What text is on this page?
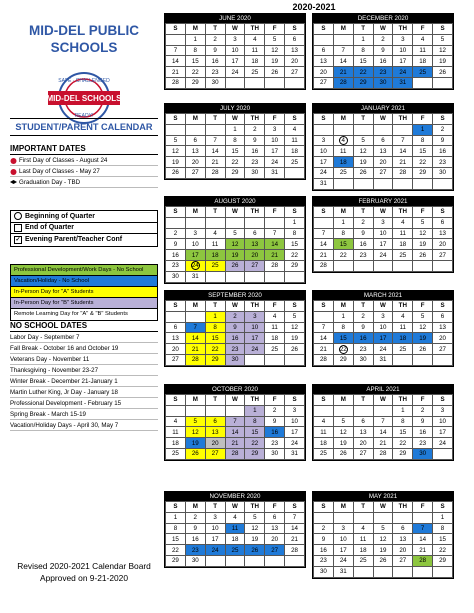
2020-2021
MID-DEL PUBLIC SCHOOLS
SAFE · CHALLENGED
MID-DEL SCHOOLS
READY!
STUDENT/PARENT CALENDAR
IMPORTANT DATES
First Day of Classes - August 24
Last Day of Classes - May 27
Graduation Day - TBD
Beginning of Quarter
End of Quarter
✓ Evening Parent/Teacher Conf
Professional Development/Work Days - No School
Vacation/Holiday - No School
In-Person Day for "A" Students
In-Person Day for "B" Students
Remote Learning Day for "A" & "B" Students
NO SCHOOL DATES
Labor Day - September 7
Fall Break - October 16 and October 19
Veterans Day - November 11
Thanksgiving - November 23-27
Winter Break - December 21-January 1
Martin Luther King, Jr Day - January 18
Professional Development - February 15
Spring Break - March 15-19
Vacation/Holiday Days - April 30, May 7
Revised 2020-2021 Calendar Board Approved on 9-21-2020
JUNE 2020
S	M	T	W	TH	F	S
	1	2	3	4	5	6
7	8	9	10	11	12	13
14	15	16	17	18	19	20
21	22	23	24	25	26	27
28	29	30				
DECEMBER 2020
S	M	T	W	TH	F	S
		1	2	3	4	5
6	7	8	9	10	11	12
13	14	15	16	17	18	19
20	21	22	23	24	25	26
27	28	29	30	31		
JULY 2020
S	M	T	W	TH	F	S
			1	2	3	4
5	6	7	8	9	10	11
12	13	14	15	16	17	18
19	20	21	22	23	24	25
26	27	28	29	30	31	
JANUARY 2021
S	M	T	W	TH	F	S
					1	2
3	4	5	6	7	8	9
10	11	12	13	14	15	16
17	18	19	20	21	22	23
24	25	26	27	28	29	30
31						
AUGUST 2020
S	M	T	W	TH	F	S
						1
2	3	4	5	6	7	8
9	10	11	12	13	14	15
16	17	18	19	20	21	22
23	24	25	26	27	28	29
30	31					
FEBRUARY 2021
S	M	T	W	TH	F	S
	1	2	3	4	5	6
7	8	9	10	11	12	13
14	15	16	17	18	19	20
21	22	23	24	25	26	27
28						
SEPTEMBER 2020
S	M	T	W	TH	F	S
		1	2	3	4	5
6	7	8	9	10	11	12
13	14	15	16	17	18	19
20	21	22	23	24	25	26
27	28	29	30			
MARCH 2021
S	M	T	W	TH	F	S
	1	2	3	4	5	6
7	8	9	10	11	12	13
14	15	16	17	18	19	20
21	22	23	24	25	26	27
28	29	30	31			
OCTOBER 2020
S	M	T	W	TH	F	S
				1	2	3
4	5	6	7	8	9	10
11	12	13	14	15	16	17
18	19	20	21	22	23	24
25	26	27	28	29	30	31
APRIL 2021
S	M	T	W	TH	F	S
				1	2	3
4	5	6	7	8	9	10
11	12	13	14	15	16	17
18	19	20	21	22	23	24
25	26	27	28	29	30	
NOVEMBER 2020
S	M	T	W	TH	F	S
1	2	3	4	5	6	7
8	9	10	11	12	13	14
15	16	17	18	19	20	21
22	23	24	25	26	27	28
29	30					
MAY 2021
S	M	T	W	TH	F	S
						1
2	3	4	5	6	7	8
9	10	11	12	13	14	15
16	17	18	19	20	21	22
23	24	25	26	27	28	29
30	31					
